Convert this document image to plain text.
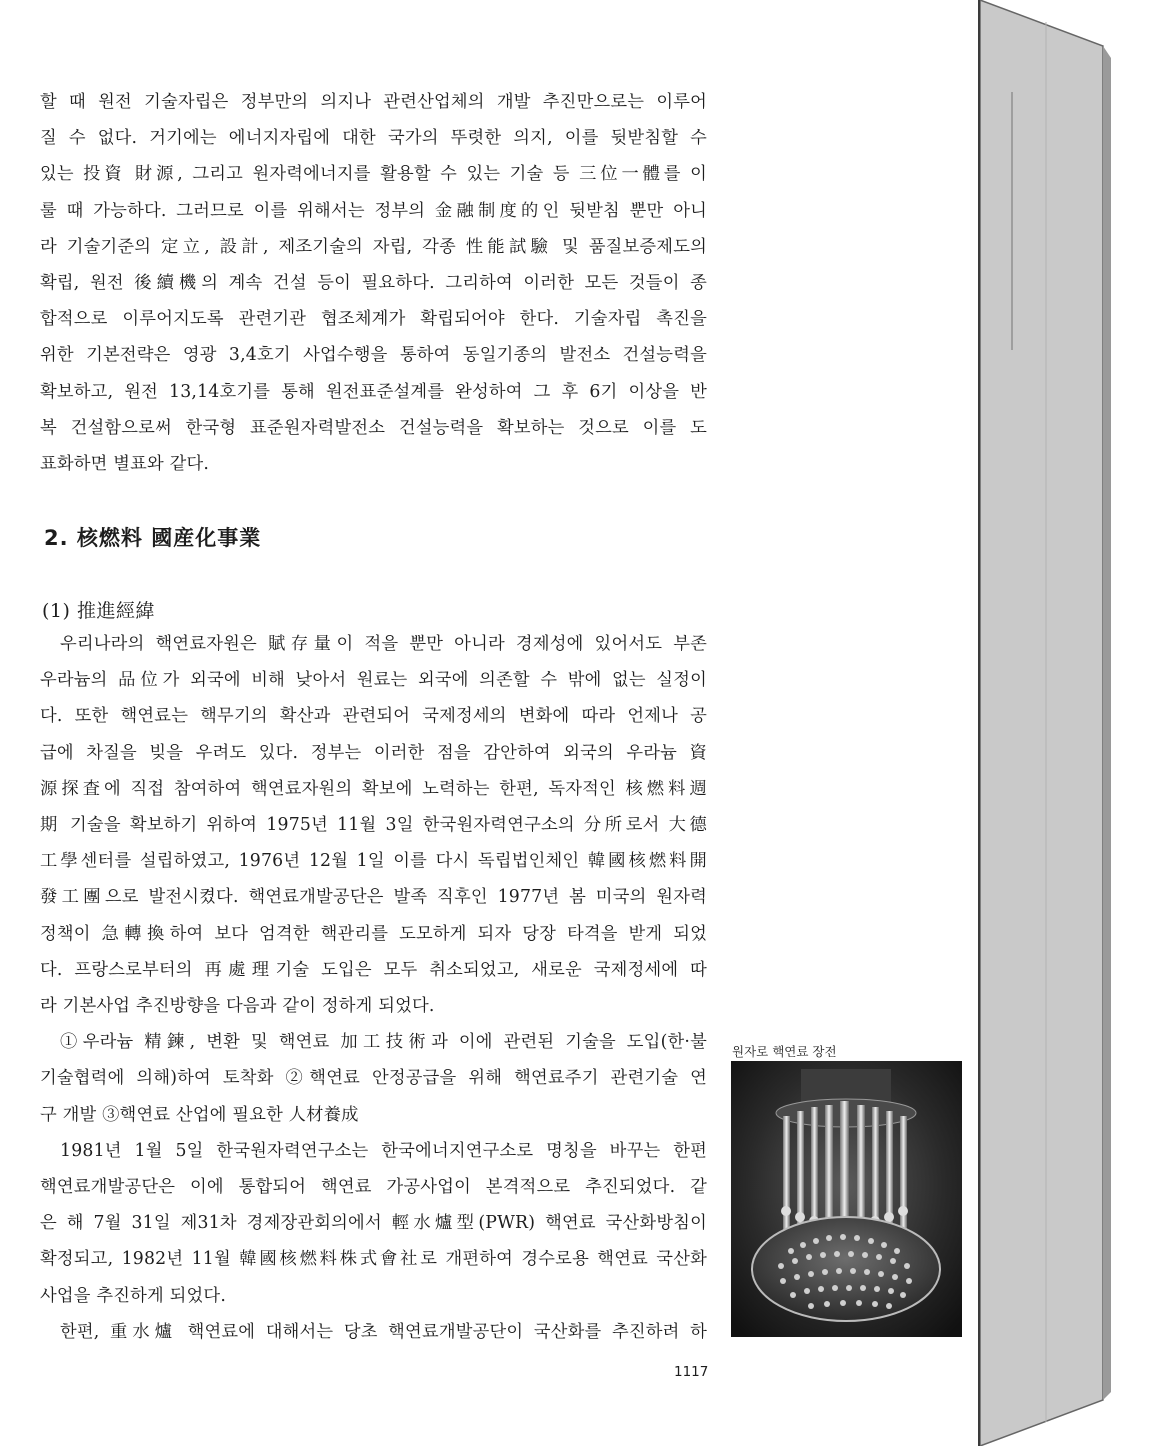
할 때 원전 기술자립은 정부만의 의지나 관련산업체의 개발 추진만으로는 이루어

질 수 없다. 거기에는 에너지자립에 대한 국가의 뚜렷한 의지, 이를 뒷받침할 수

있는 投資 財源, 그리고 원자력에너지를 활용할 수 있는 기술 등 三位一體를 이

룰 때 가능하다. 그러므로 이를 위해서는 정부의 金融制度的인 뒷받침 뿐만 아니

라 기술기준의 定立, 設計, 제조기술의 자립, 각종 性能試驗 및 품질보증제도의

확립, 원전 後續機의 계속 건설 등이 필요하다. 그리하여 이러한 모든 것들이 종

합적으로 이루어지도록 관련기관 협조체계가 확립되어야 한다. 기술자립 촉진을

위한 기본전략은 영광 3,4호기 사업수행을 통하여 동일기종의 발전소 건설능력을

확보하고, 원전 13,14호기를 통해 원전표준설계를 완성하여 그 후 6기 이상을 반

복 건설함으로써 한국형 표준원자력발전소 건설능력을 확보하는 것으로 이를 도

표화하면 별표와 같다.

2. 核燃料 國産化事業
(1) 推進經緯

우리나라의 핵연료자원은 賦存量이 적을 뿐만 아니라 경제성에 있어서도 부존

우라늄의 品位가 외국에 비해 낮아서 원료는 외국에 의존할 수 밖에 없는 실정이

다. 또한 핵연료는 핵무기의 확산과 관련되어 국제정세의 변화에 따라 언제나 공

급에 차질을 빚을 우려도 있다. 정부는 이러한 점을 감안하여 외국의 우라늄 資

源探査에 직접 참여하여 핵연료자원의 확보에 노력하는 한편, 독자적인 核燃料週

期 기술을 확보하기 위하여 1975년 11월 3일 한국원자력연구소의 分所로서 大德

工學센터를 설립하였고, 1976년 12월 1일 이를 다시 독립법인체인 韓國核燃料開

發工團으로 발전시켰다. 핵연료개발공단은 발족 직후인 1977년 봄 미국의 원자력

정책이 急轉換하여 보다 엄격한 핵관리를 도모하게 되자 당장 타격을 받게 되었

다. 프랑스로부터의 再處理기술 도입은 모두 취소되었고, 새로운 국제정세에 따

라 기본사업 추진방향을 다음과 같이 정하게 되었다.

①우라늄 精鍊, 변환 및 핵연료 加工技術과 이에 관련된 기술을 도입(한·불

기술협력에 의해)하여 토착화 ②핵연료 안정공급을 위해 핵연료주기 관련기술 연

구 개발 ③핵연료 산업에 필요한 人材養成

1981년 1월 5일 한국원자력연구소는 한국에너지연구소로 명칭을 바꾸는 한편

핵연료개발공단은 이에 통합되어 핵연료 가공사업이 본격적으로 추진되었다. 같

은 해 7월 31일 제31차 경제장관회의에서 輕水爐型(PWR) 핵연료 국산화방침이

확정되고, 1982년 11월 韓國核燃料株式會社로 개편하여 경수로용 핵연료 국산화

사업을 추진하게 되었다.

한편, 重水爐 핵연료에 대해서는 당초 핵연료개발공단이 국산화를 추진하려 하

원자로 핵연료 장전
1117
